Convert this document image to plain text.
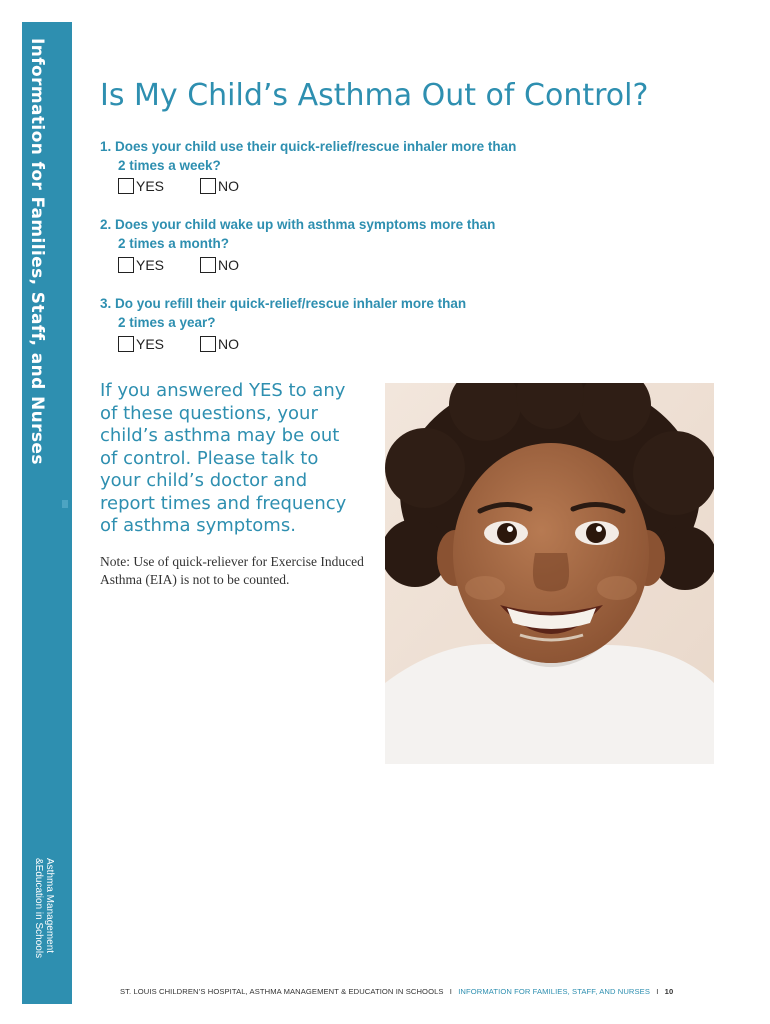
Information for Families, Staff, and Nurses
Asthma Management
&Education in Schools
Is My Child’s Asthma Out of Control?
1. Does your child use their quick-relief/rescue inhaler more than
2 times a week?
YES	NO
2. Does your child wake up with asthma symptoms more than
2 times a month?
YES	NO
3. Do you refill their quick-relief/rescue inhaler more than
2 times a year?
YES	NO
If you answered YES to any of these questions, your child’s asthma may be out of control. Please talk to your child’s doctor and report times and frequency of asthma symptoms.
Note: Use of quick-reliever for Exercise Induced Asthma (EIA) is not to be counted.
ST. LOUIS CHILDREN’S HOSPITAL, ASTHMA MANAGEMENT & EDUCATION IN SCHOOLS I INFORMATION FOR FAMILIES, STAFF, AND NURSES I 10
